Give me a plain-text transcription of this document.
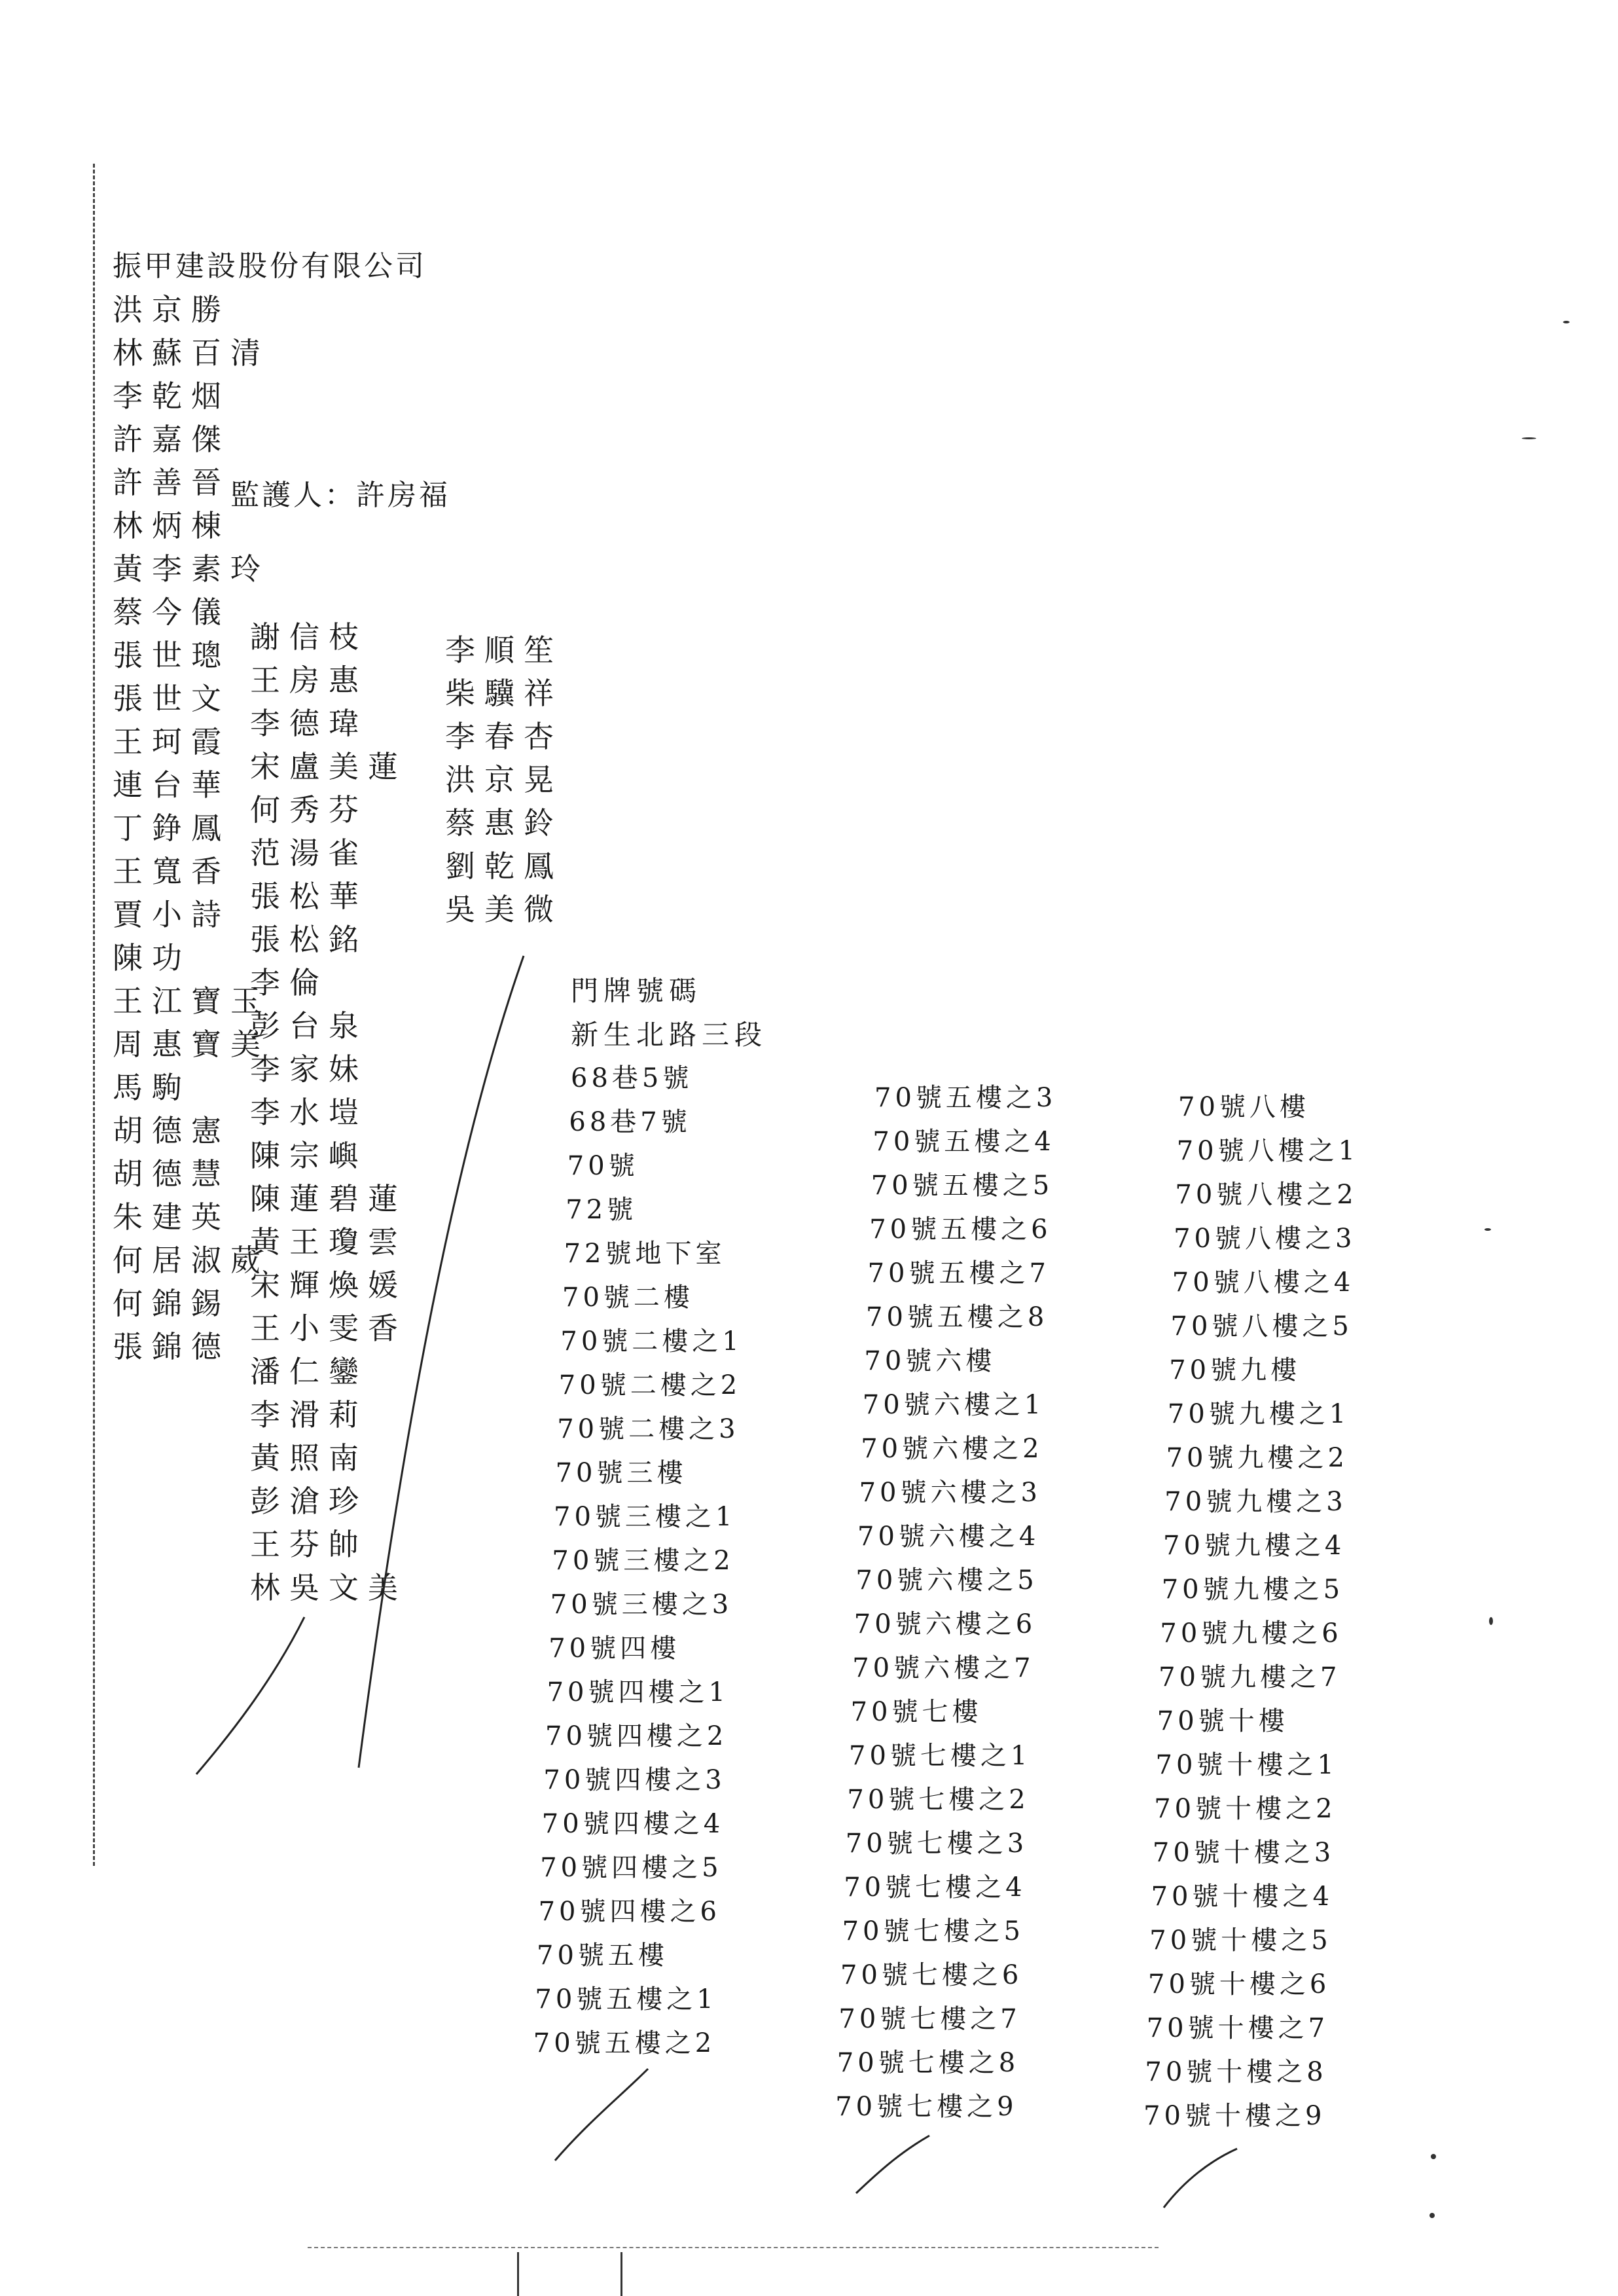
振甲建設股份有限公司
監護人：許房福
洪京勝
林蘇百清
李乾烟
許嘉傑
許善晉
林炳棟
黃李素玲
蔡今儀
張世璁
張世文
王珂霞
連台華
丁錚鳳
王寬香
賈小詩
陳功
王江寶玉
周惠寶美
馬駒
胡德憲
胡德慧
朱建英
何居淑葳
何錦錫
張錦德
謝信枝
王房惠
李德瑋
宋盧美蓮
何秀芬
范湯雀
張松華
張松銘
李倫
彭台泉
李家妹
李水塏
陳宗嶼
陳蓮碧蓮
黃王瓊雲
宋輝煥媛
王小雯香
潘仁鑾
李滑莉
黃照南
彭滄珍
王芬帥
林吳文美
李順笙
柴驥祥
李春杏
洪京晃
蔡惠鈴
劉乾鳳
吳美微
門牌號碼
新生北路三段
68巷5號
68巷7號
70號
72號
72號地下室
70號二樓
70號二樓之1
70號二樓之2
70號二樓之3
70號三樓
70號三樓之1
70號三樓之2
70號三樓之3
70號四樓
70號四樓之1
70號四樓之2
70號四樓之3
70號四樓之4
70號四樓之5
70號四樓之6
70號五樓
70號五樓之1
70號五樓之2
70號五樓之3
70號五樓之4
70號五樓之5
70號五樓之6
70號五樓之7
70號五樓之8
70號六樓
70號六樓之1
70號六樓之2
70號六樓之3
70號六樓之4
70號六樓之5
70號六樓之6
70號六樓之7
70號七樓
70號七樓之1
70號七樓之2
70號七樓之3
70號七樓之4
70號七樓之5
70號七樓之6
70號七樓之7
70號七樓之8
70號七樓之9
70號八樓
70號八樓之1
70號八樓之2
70號八樓之3
70號八樓之4
70號八樓之5
70號九樓
70號九樓之1
70號九樓之2
70號九樓之3
70號九樓之4
70號九樓之5
70號九樓之6
70號九樓之7
70號十樓
70號十樓之1
70號十樓之2
70號十樓之3
70號十樓之4
70號十樓之5
70號十樓之6
70號十樓之7
70號十樓之8
70號十樓之9
